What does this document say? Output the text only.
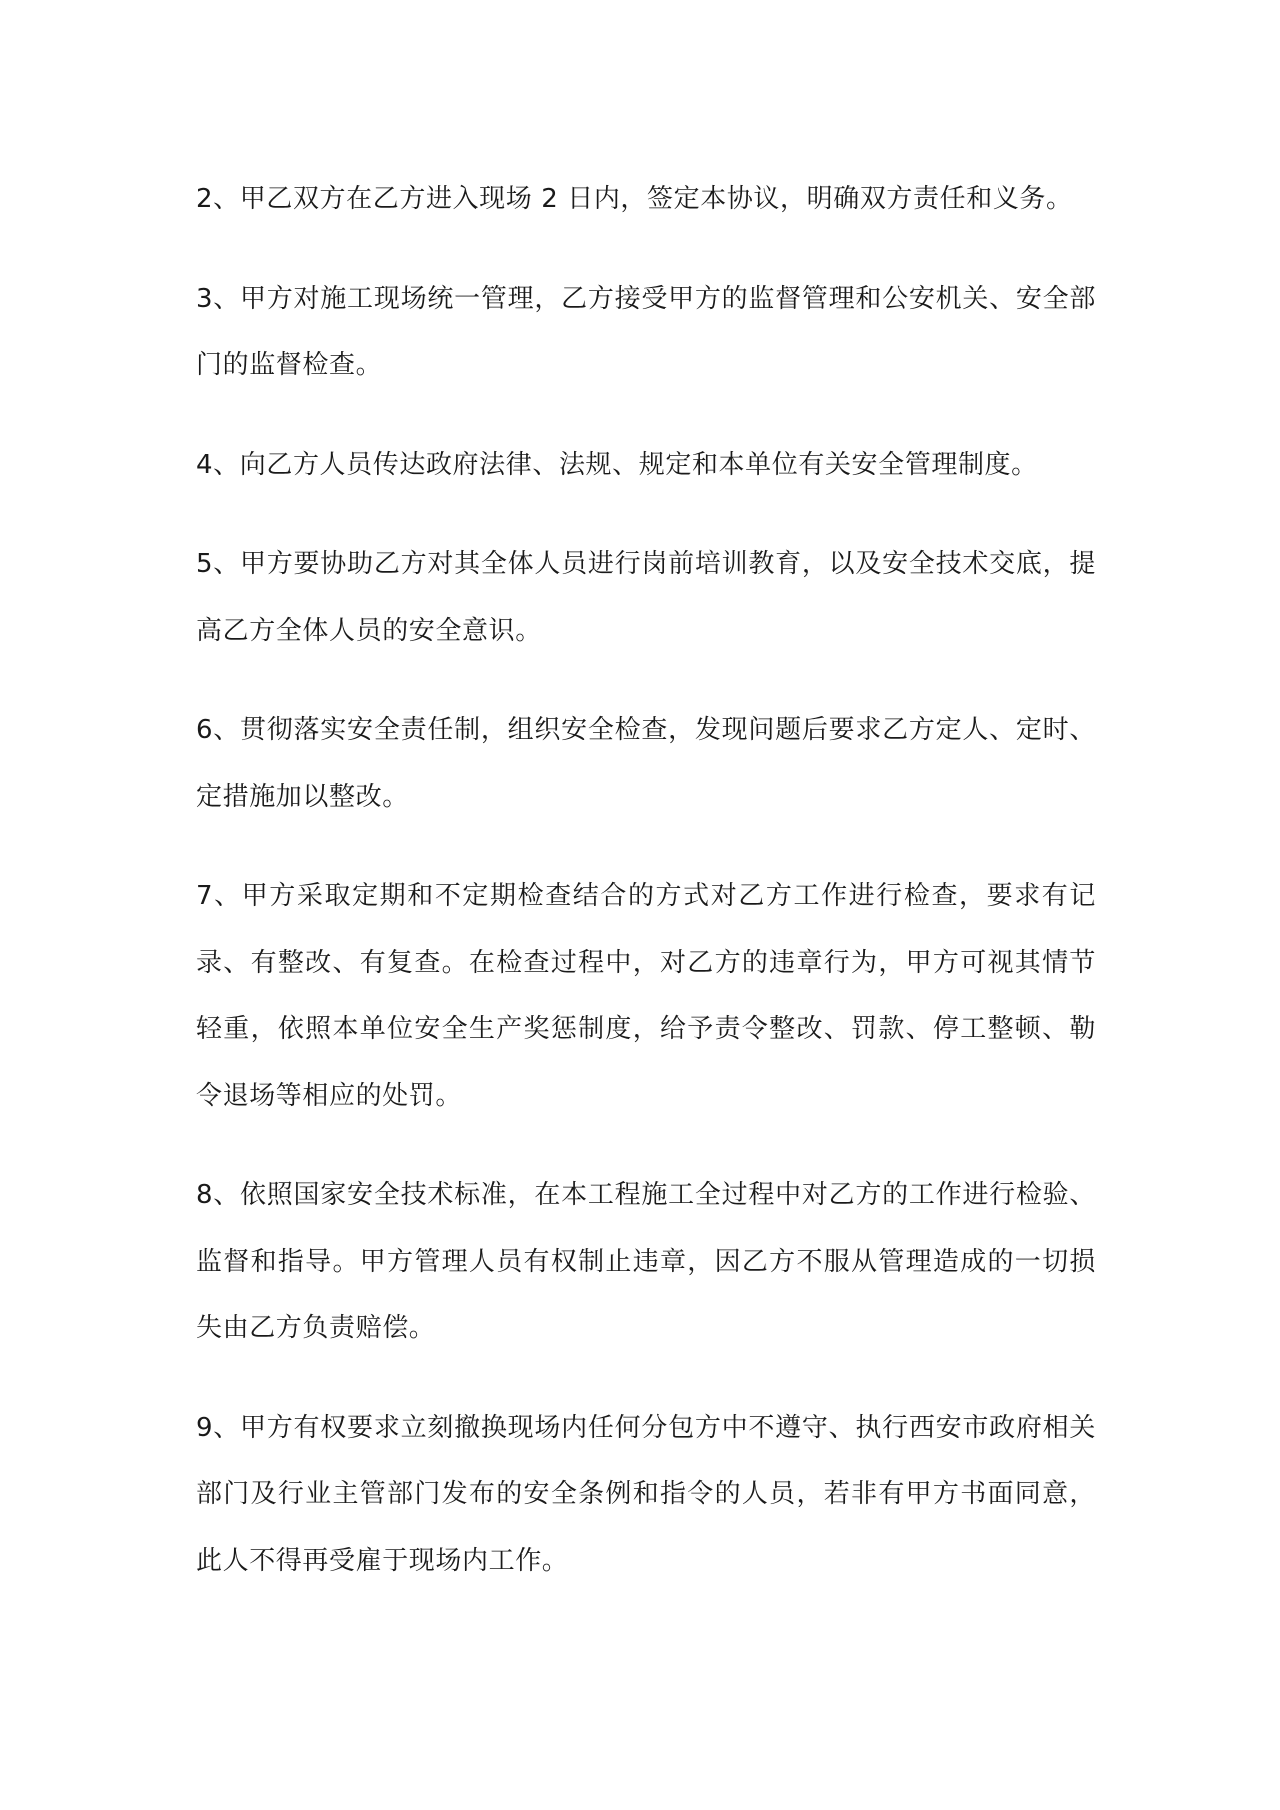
2、甲乙双方在乙方进入现场 2 日内，签定本协议，明确双方责任和义务。

3、甲方对施工现场统一管理，乙方接受甲方的监督管理和公安机关、安全部门的监督检查。

4、向乙方人员传达政府法律、法规、规定和本单位有关安全管理制度。

5、甲方要协助乙方对其全体人员进行岗前培训教育，以及安全技术交底，提高乙方全体人员的安全意识。

6、贯彻落实安全责任制，组织安全检查，发现问题后要求乙方定人、定时、定措施加以整改。

7、甲方采取定期和不定期检查结合的方式对乙方工作进行检查，要求有记录、有整改、有复查。在检查过程中，对乙方的违章行为，甲方可视其情节轻重，依照本单位安全生产奖惩制度，给予责令整改、罚款、停工整顿、勒令退场等相应的处罚。

8、依照国家安全技术标准，在本工程施工全过程中对乙方的工作进行检验、监督和指导。甲方管理人员有权制止违章，因乙方不服从管理造成的一切损失由乙方负责赔偿。

9、甲方有权要求立刻撤换现场内任何分包方中不遵守、执行西安市政府相关部门及行业主管部门发布的安全条例和指令的人员，若非有甲方书面同意，此人不得再受雇于现场内工作。
